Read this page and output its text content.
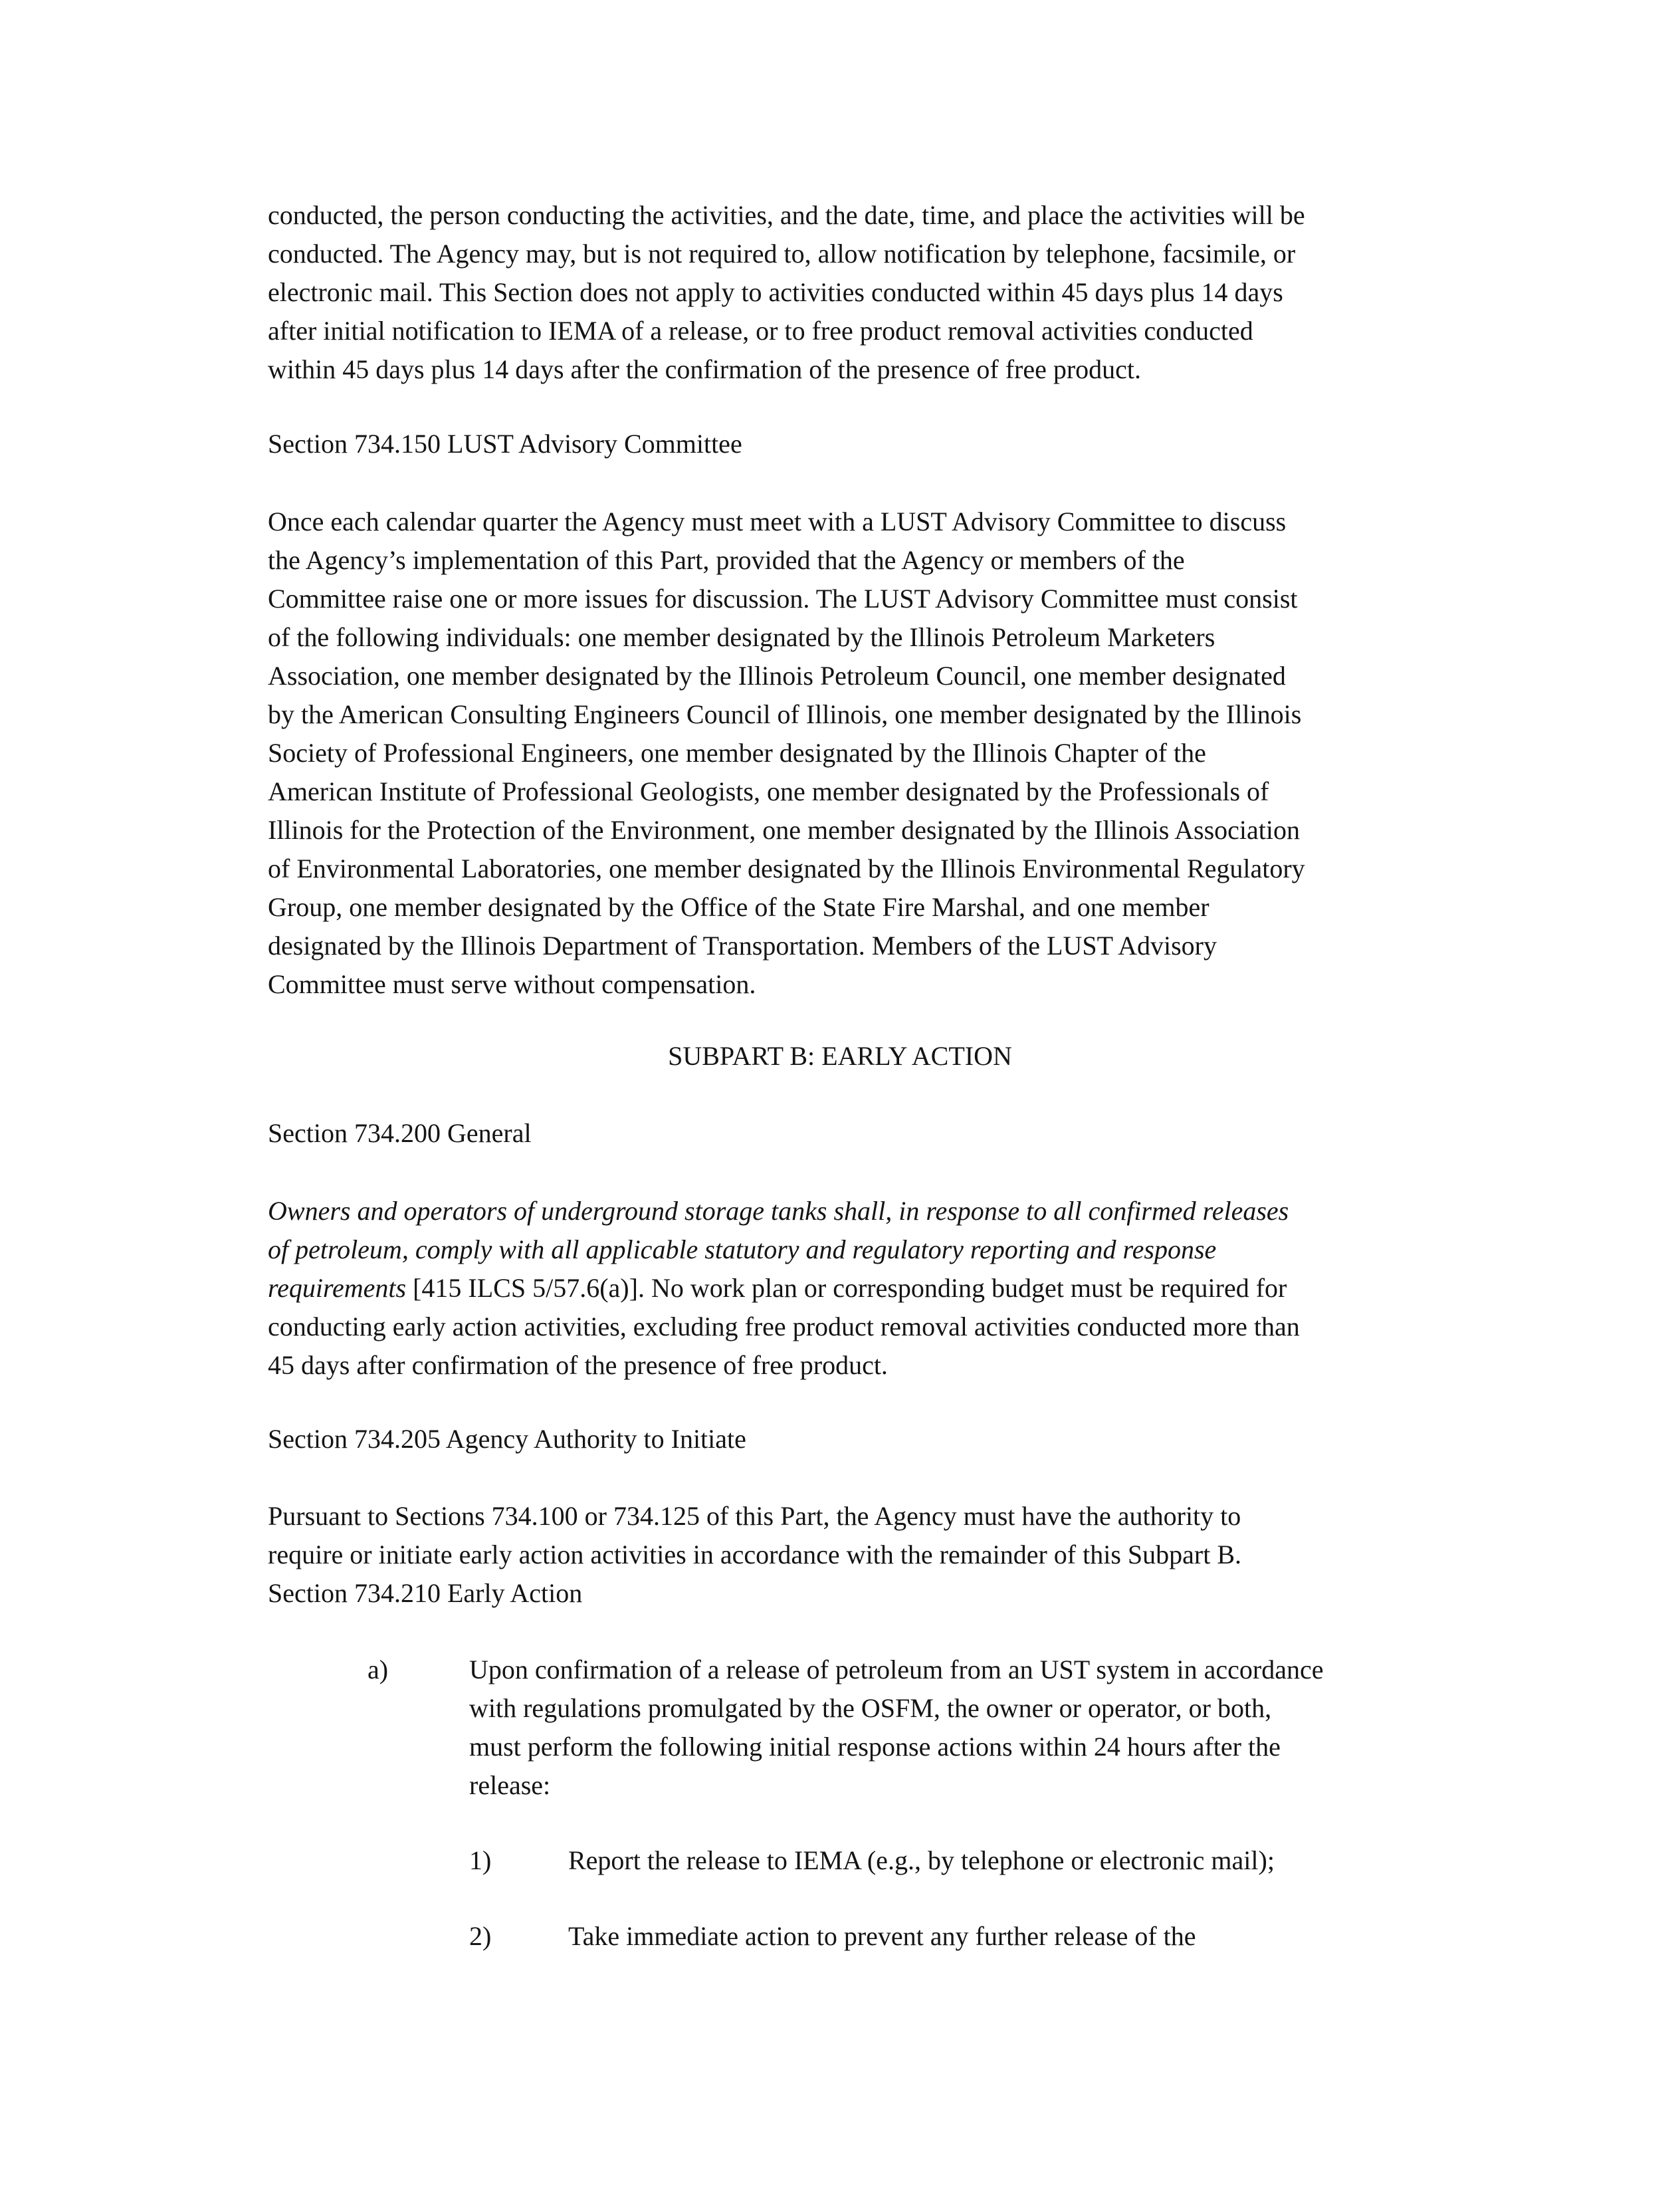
conducted, the person conducting the activities, and the date, time, and place the activities will be
conducted. The Agency may, but is not required to, allow notification by telephone, facsimile, or
electronic mail. This Section does not apply to activities conducted within 45 days plus 14 days
after initial notification to IEMA of a release, or to free product removal activities conducted
within 45 days plus 14 days after the confirmation of the presence of free product.
Section 734.150 LUST Advisory Committee
Once each calendar quarter the Agency must meet with a LUST Advisory Committee to discuss
the Agency’s implementation of this Part, provided that the Agency or members of the
Committee raise one or more issues for discussion. The LUST Advisory Committee must consist
of the following individuals: one member designated by the Illinois Petroleum Marketers
Association, one member designated by the Illinois Petroleum Council, one member designated
by the American Consulting Engineers Council of Illinois, one member designated by the Illinois
Society of Professional Engineers, one member designated by the Illinois Chapter of the
American Institute of Professional Geologists, one member designated by the Professionals of
Illinois for the Protection of the Environment, one member designated by the Illinois Association
of Environmental Laboratories, one member designated by the Illinois Environmental Regulatory
Group, one member designated by the Office of the State Fire Marshal, and one member
designated by the Illinois Department of Transportation. Members of the LUST Advisory
Committee must serve without compensation.
SUBPART B: EARLY ACTION
Section 734.200 General
Owners and operators of underground storage tanks shall, in response to all confirmed releases
of petroleum, comply with all applicable statutory and regulatory reporting and response
requirements [415 ILCS 5/57.6(a)]. No work plan or corresponding budget must be required for
conducting early action activities, excluding free product removal activities conducted more than
45 days after confirmation of the presence of free product.
Section 734.205 Agency Authority to Initiate
Pursuant to Sections 734.100 or 734.125 of this Part, the Agency must have the authority to
require or initiate early action activities in accordance with the remainder of this Subpart B.
Section 734.210 Early Action
a)	Upon confirmation of a release of petroleum from an UST system in accordance
with regulations promulgated by the OSFM, the owner or operator, or both,
must perform the following initial response actions within 24 hours after the
release:
1)	Report the release to IEMA (e.g., by telephone or electronic mail);
2)	Take immediate action to prevent any further release of the
